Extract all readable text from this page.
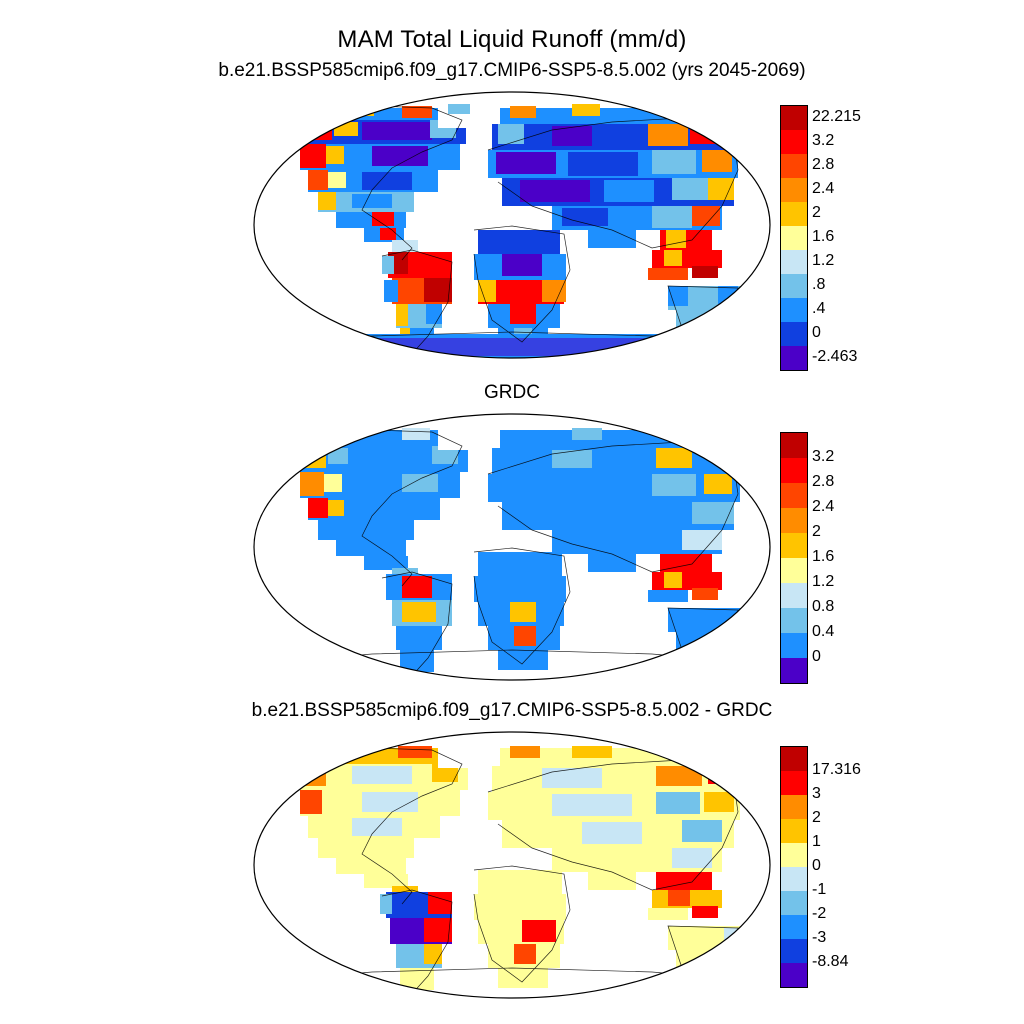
MAM Total Liquid Runoff (mm/d)
b.e21.BSSP585cmip6.f09_g17.CMIP6-SSP5-8.5.002 (yrs 2045-2069)
22.215
3.2
2.8
2.4
2
1.6
1.2
.8
.4
0
-2.463
GRDC
3.2
2.8
2.4
2
1.6
1.2
0.8
0.4
0
b.e21.BSSP585cmip6.f09_g17.CMIP6-SSP5-8.5.002 - GRDC
17.316
3
2
1
0
-1
-2
-3
-8.84
